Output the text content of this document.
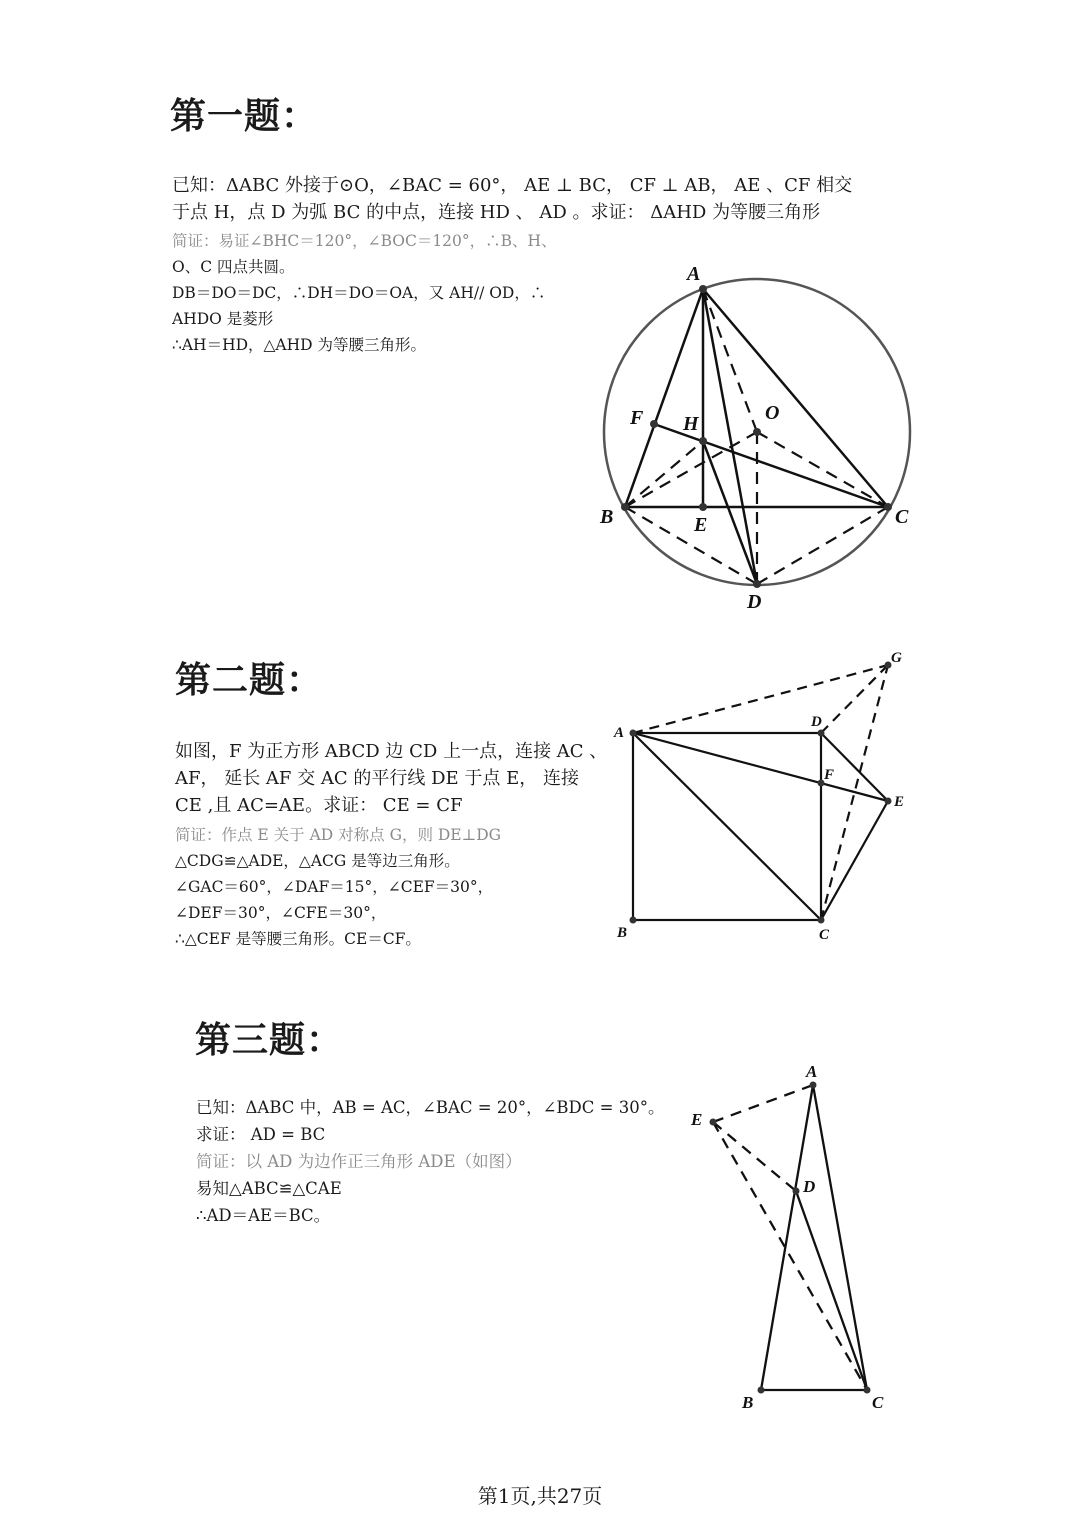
第一题：
已知：ΔABC 外接于⊙O，∠BAC = 60°， AE ⊥ BC， CF ⊥ AB， AE 、CF 相交
于点 H，点 D 为弧 BC 的中点，连接 HD 、 AD 。求证： ΔAHD 为等腰三角形
简证：易证∠BHC＝120°，∠BOC＝120°，∴B、H、
O、C 四点共圆。
DB＝DO＝DC，∴DH＝DO＝OA，又 AH// OD，∴
AHDO 是菱形
∴AH＝HD，△AHD 为等腰三角形。
第二题：
如图，F 为正方形 ABCD 边 CD 上一点，连接 AC 、
AF， 延长 AF 交 AC 的平行线 DE 于点 E， 连接
CE ,且 AC=AE。求证： CE = CF
简证：作点 E 关于 AD 对称点 G，则 DE⊥DG
△CDG≌△ADE，△ACG 是等边三角形。
∠GAC＝60°，∠DAF＝15°，∠CEF＝30°，
∠DEF＝30°，∠CFE＝30°，
∴△CEF 是等腰三角形。CE＝CF。
第三题：
已知：ΔABC 中，AB = AC，∠BAC = 20°，∠BDC = 30°。
求证： AD = BC
简证：以 AD 为边作正三角形 ADE（如图）
易知△ABC≌△CAE
∴AD＝AE＝BC。
A
B	C
D
E
F H	O
A
B	C
D
E
F
G
A
B	C
D
E
第1页,共27页
